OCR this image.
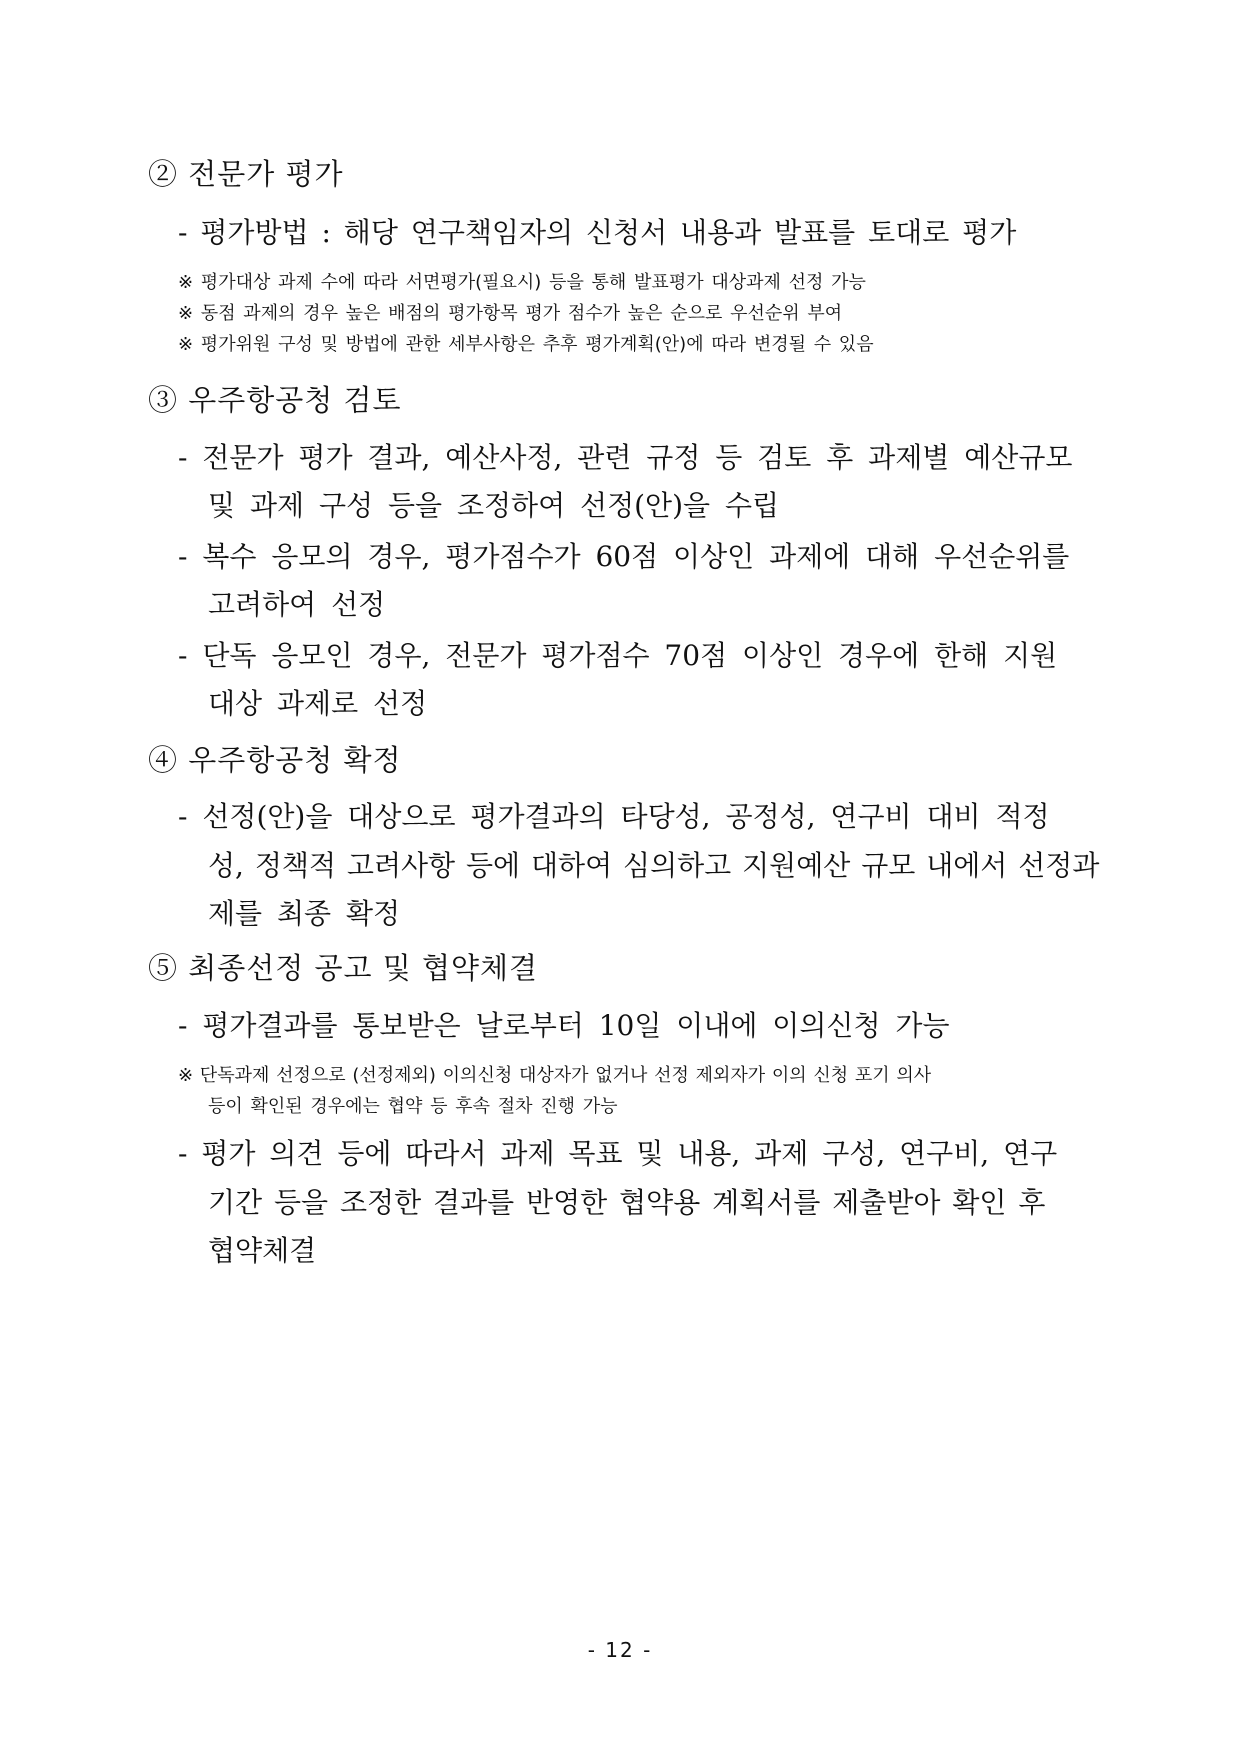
② 전문가 평가
- 평가방법 : 해당 연구책임자의 신청서 내용과 발표를 토대로 평가
※ 평가대상 과제 수에 따라 서면평가(필요시) 등을 통해 발표평가 대상과제 선정 가능
※ 동점 과제의 경우 높은 배점의 평가항목 평가 점수가 높은 순으로 우선순위 부여
※ 평가위원 구성 및 방법에 관한 세부사항은 추후 평가계획(안)에 따라 변경될 수 있음
③ 우주항공청 검토
- 전문가 평가 결과, 예산사정, 관련 규정 등 검토 후 과제별 예산규모
및 과제 구성 등을 조정하여 선정(안)을 수립
- 복수 응모의 경우, 평가점수가 60점 이상인 과제에 대해 우선순위를
고려하여 선정
- 단독 응모인 경우, 전문가 평가점수 70점 이상인 경우에 한해 지원
대상 과제로 선정
④ 우주항공청 확정
- 선정(안)을 대상으로 평가결과의 타당성, 공정성, 연구비 대비 적정
성, 정책적 고려사항 등에 대하여 심의하고 지원예산 규모 내에서 선정과
제를 최종 확정
⑤ 최종선정 공고 및 협약체결
- 평가결과를 통보받은 날로부터 10일 이내에 이의신청 가능
※ 단독과제 선정으로 (선정제외) 이의신청 대상자가 없거나 선정 제외자가 이의 신청 포기 의사
등이 확인된 경우에는 협약 등 후속 절차 진행 가능
- 평가 의견 등에 따라서 과제 목표 및 내용, 과제 구성, 연구비, 연구
기간 등을 조정한 결과를 반영한 협약용 계획서를 제출받아 확인 후
협약체결
- 12 -
